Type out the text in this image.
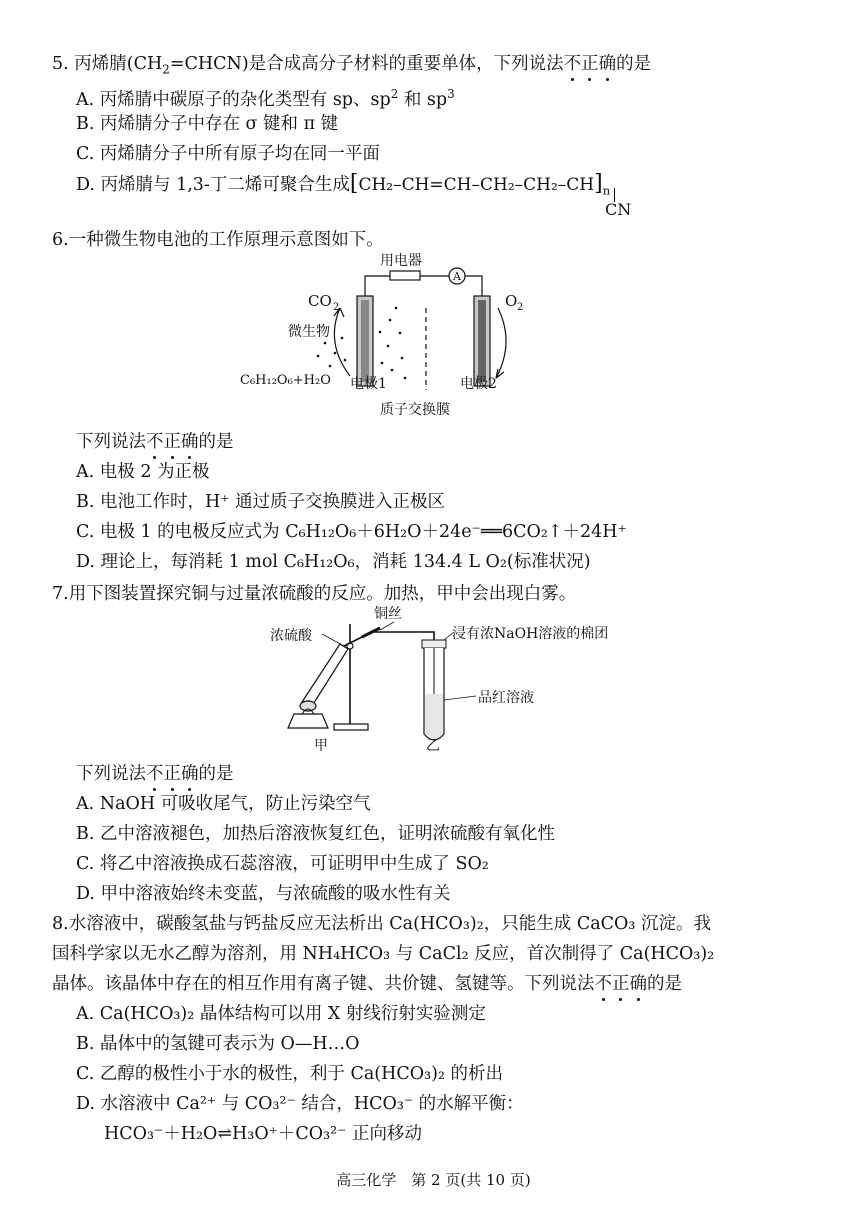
5. 丙烯腈$(CH_2=CHCN)$是合成高分子材料的重要单体，下列说法不正确的是
A. 丙烯腈中碳原子的杂化类型有 sp、$sp^2$ 和 $sp^3$
B. 丙烯腈分子中存在 σ 键和 π 键
C. 丙烯腈分子中所有原子均在同一平面
D. 丙烯腈与 1,3-丁二烯可聚合生成$[CH_2-CH=CH-CH_2-CH_2-CH]_n$
CN
6.一种微生物电池的工作原理示意图如下。
A
用电器
CO 2	O 2
微生物
C₆H₁₂O₆+H₂O 电极1	电极2
质子交换膜
下列说法不正确的是
A. 电极 2 为正极
B. 电池工作时，H⁺ 通过质子交换膜进入正极区
C. 电极 1 的电极反应式为 C₆H₁₂O₆＋6H₂O＋24e⁻══6CO₂↑＋24H⁺
D. 理论上，每消耗 1 mol C₆H₁₂O₆，消耗 134.4 L O₂(标准状况)
7.用下图装置探究铜与过量浓硫酸的反应。加热，甲中会出现白雾。
浓硫酸
铜丝
浸有浓NaOH溶液的棉团
品红溶液
甲	乙
下列说法不正确的是
A. NaOH 可吸收尾气，防止污染空气
B. 乙中溶液褪色，加热后溶液恢复红色，证明浓硫酸有氧化性
C. 将乙中溶液换成石蕊溶液，可证明甲中生成了 SO₂
D. 甲中溶液始终未变蓝，与浓硫酸的吸水性有关
8.水溶液中，碳酸氢盐与钙盐反应无法析出 Ca(HCO₃)₂，只能生成 CaCO₃ 沉淀。我
国科学家以无水乙醇为溶剂，用 NH₄HCO₃ 与 CaCl₂ 反应，首次制得了 Ca(HCO₃)₂
晶体。该晶体中存在的相互作用有离子键、共价键、氢键等。下列说法不正确的是
A. Ca(HCO₃)₂ 晶体结构可以用 X 射线衍射实验测定
B. 晶体中的氢键可表示为 O—H…O
C. 乙醇的极性小于水的极性，利于 Ca(HCO₃)₂ 的析出
D. 水溶液中 Ca²⁺ 与 CO₃²⁻ 结合，HCO₃⁻ 的水解平衡：
HCO₃⁻＋H₂O⇌H₃O⁺＋CO₃²⁻ 正向移动
高三化学　第 2 页(共 10 页)
